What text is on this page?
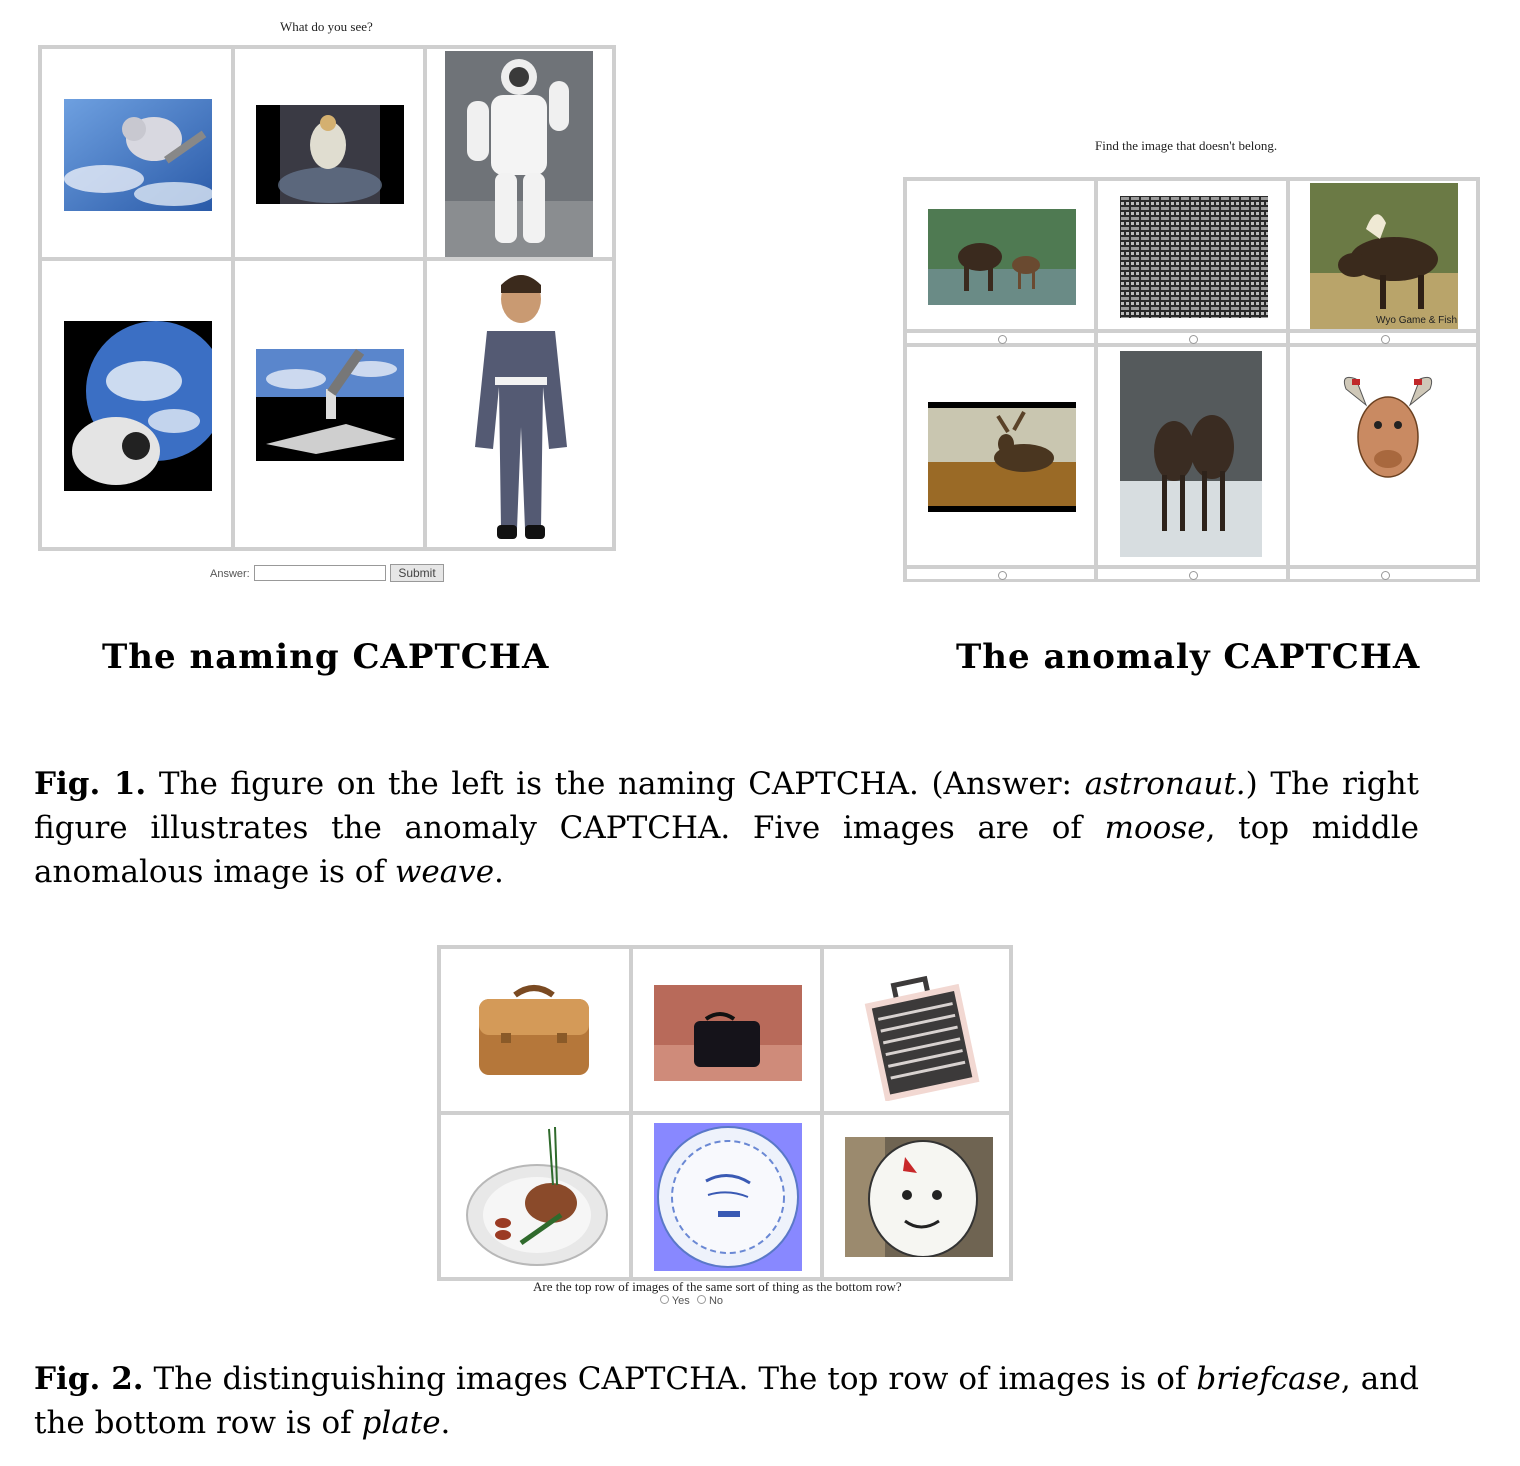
What do you see?
Answer:	Submit
The naming CAPTCHA
Find the image that doesn't belong.
Wyo Game & Fish
The anomaly CAPTCHA
Fig. 1. The figure on the left is the naming CAPTCHA. (Answer: astronaut.) The right figure illustrates the anomaly CAPTCHA. Five images are of moose, top middle anomalous image is of weave.
Are the top row of images of the same sort of thing as the bottom row?
Yes No
Fig. 2. The distinguishing images CAPTCHA. The top row of images is of briefcase, and the bottom row is of plate.
